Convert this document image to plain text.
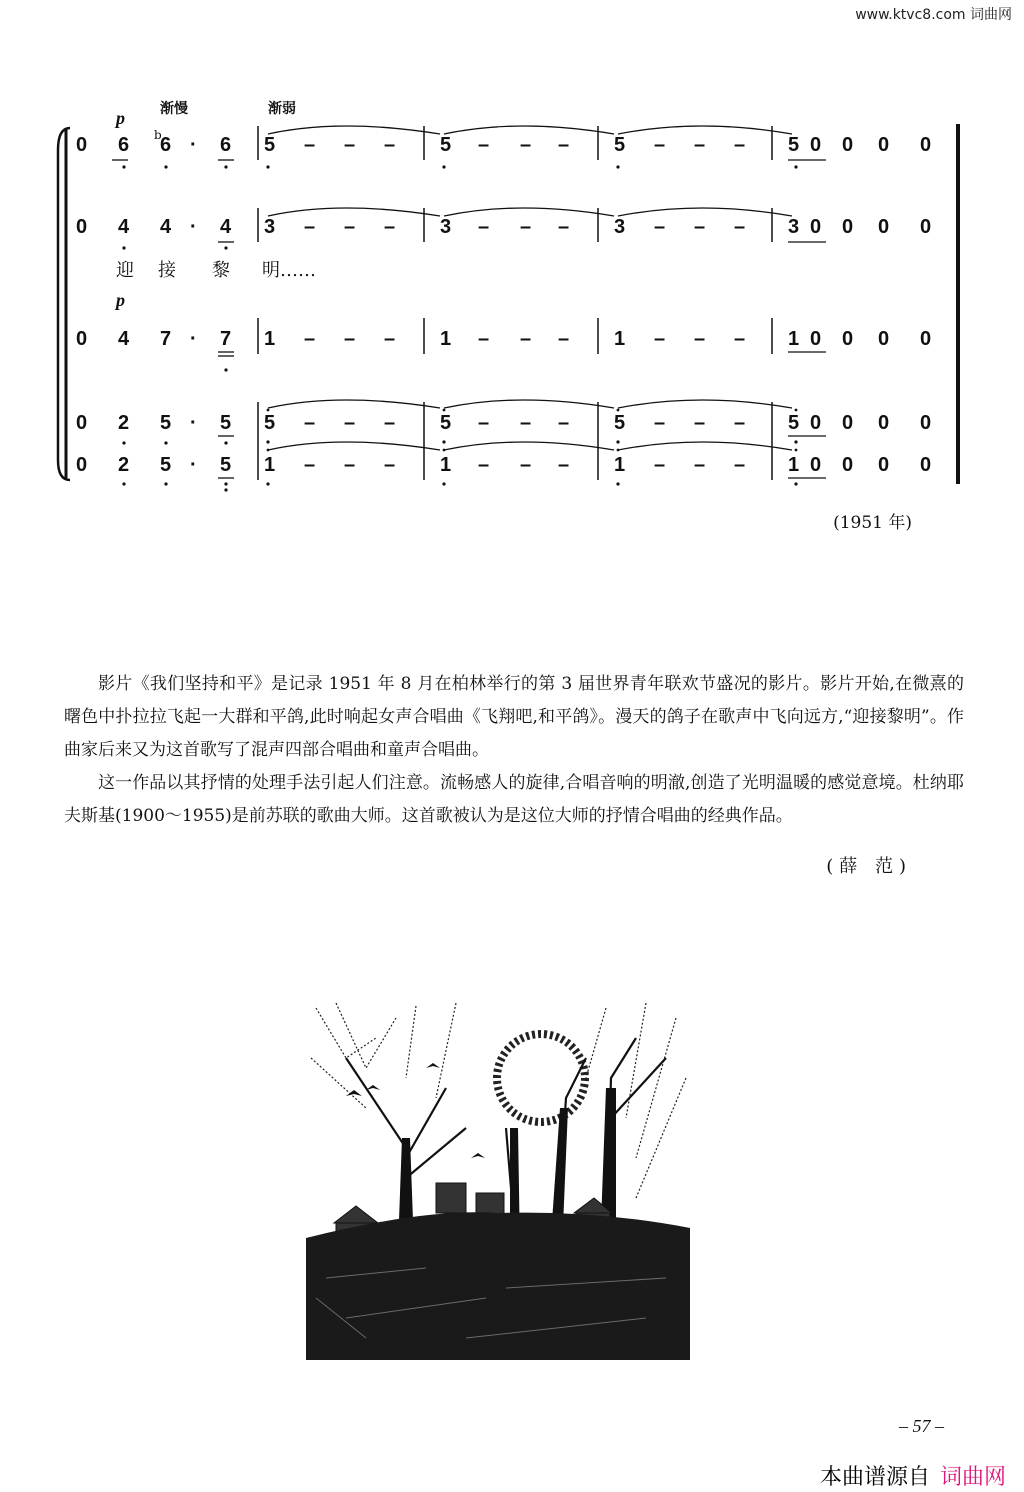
www.ktvc8.com 词曲网
渐慢	渐弱
p
b
p
0 6 6 · 6 5 – – – 5 – – – 5 – – – 5 0 0 0 0
0 4 4 · 4 3 – – – 3 – – – 3 – – – 3 0 0 0 0
0 4 7 · 7 1 – – – 1 – – – 1 – – – 1 0 0 0 0
0 2 5 · 5 5 – – – 5 – – – 5 – – – 5 0 0 0 0
0 2 5 · 5 1 – – – 1 – – – 1 – – – 1 0 0 0 0
迎 接 黎 明……
(1951 年)

影片《我们坚持和平》是记录 1951 年 8 月在柏林举行的第 3 届世界青年联欢节盛况的影片。影片开始,在微熹的曙色中扑拉拉飞起一大群和平鸽,此时响起女声合唱曲《飞翔吧,和平鸽》。漫天的鸽子在歌声中飞向远方,“迎接黎明”。作曲家后来又为这首歌写了混声四部合唱曲和童声合唱曲。

这一作品以其抒情的处理手法引起人们注意。流畅感人的旋律,合唱音响的明澈,创造了光明温暖的感觉意境。杜纳耶夫斯基(1900～1955)是前苏联的歌曲大师。这首歌被认为是这位大师的抒情合唱曲的经典作品。

(薛 范)
– 57 –
本曲谱源自 词曲网
